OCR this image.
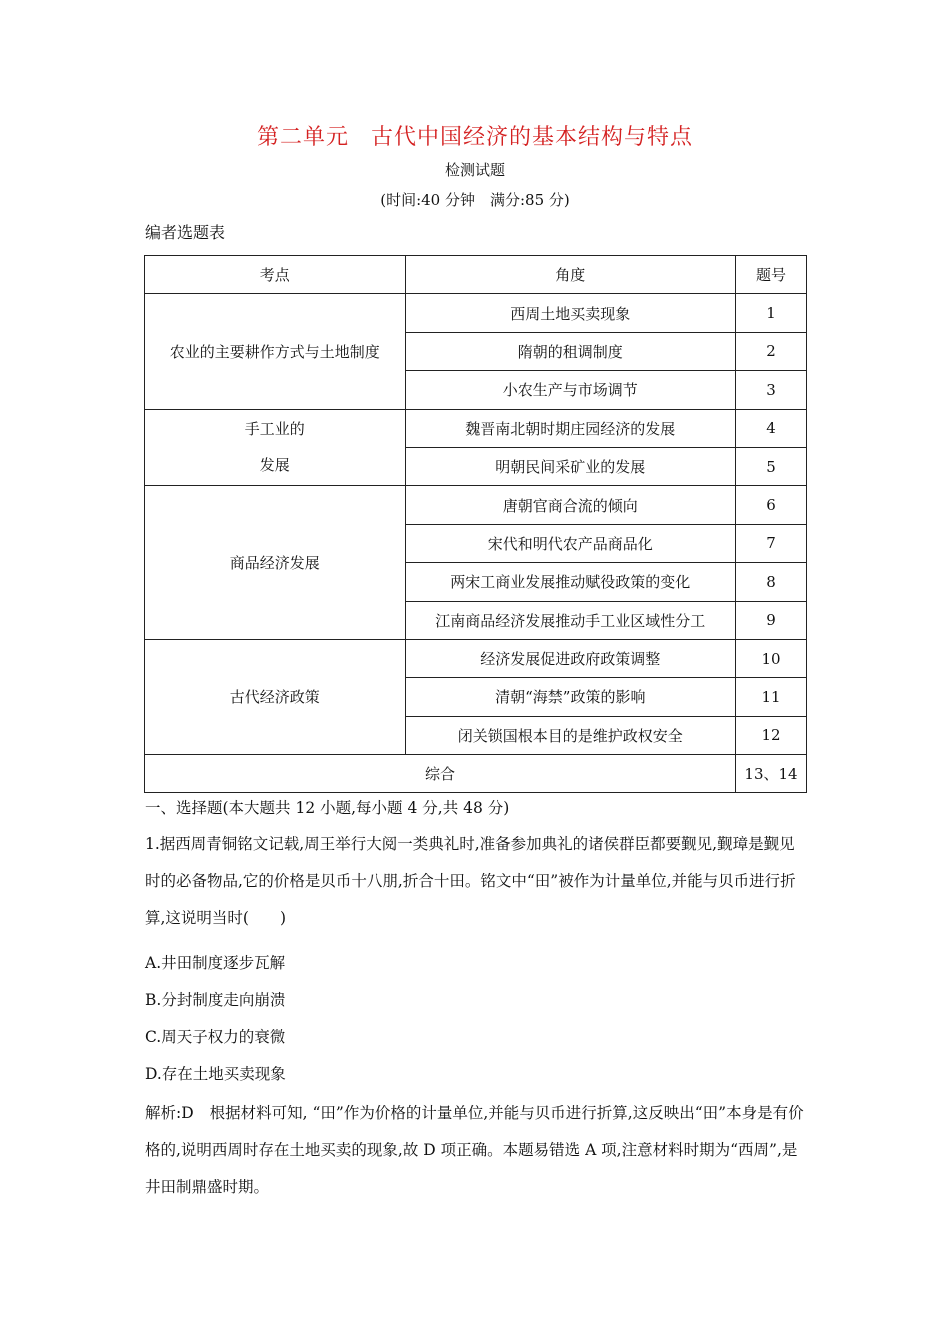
第二单元 古代中国经济的基本结构与特点
检测试题
(时间:40 分钟　满分:85 分)
编者选题表
考点	角度	题号
农业的主要耕作方式与土地制度	西周土地买卖现象	1
	隋朝的租调制度	2
	小农生产与市场调节	3

手工业的
发展	魏晋南北朝时期庄园经济的发展	4
	明朝民间采矿业的发展	5
商品经济发展	唐朝官商合流的倾向	6
	宋代和明代农产品商品化	7
	两宋工商业发展推动赋役政策的变化	8
	江南商品经济发展推动手工业区域性分工	9
古代经济政策	经济发展促进政府政策调整	10
	清朝“海禁”政策的影响	11
	闭关锁国根本目的是维护政权安全	12
综合		13、14
一、选择题(本大题共 12 小题,每小题 4 分,共 48 分)
1.据西周青铜铭文记载,周王举行大阅一类典礼时,准备参加典礼的诸侯群臣都要觐见,觐璋是觐见时的必备物品,它的价格是贝币十八朋,折合十田。铭文中“田”被作为计量单位,并能与贝币进行折算,这说明当时(　　)
A.井田制度逐步瓦解
B.分封制度走向崩溃
C.周天子权力的衰微
D.存在土地买卖现象
解析:D 根据材料可知, “田”作为价格的计量单位,并能与贝币进行折算,这反映出“田”本身是有价格的,说明西周时存在土地买卖的现象,故 D 项正确。本题易错选 A 项,注意材料时期为“西周”,是井田制鼎盛时期。
